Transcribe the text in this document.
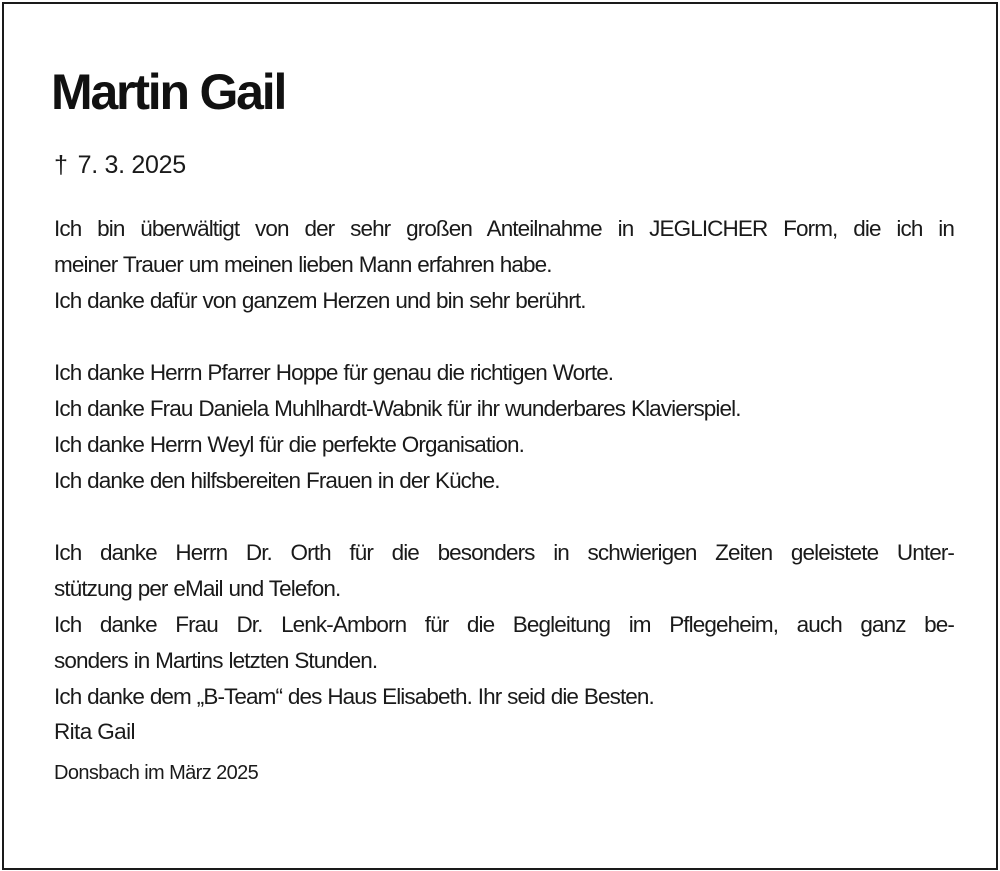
Martin Gail
† 7. 3. 2025

Ich bin überwältigt von der sehr großen Anteilnahme in JEGLICHER Form, die ich in

meiner Trauer um meinen lieben Mann erfahren habe.

Ich danke dafür von ganzem Herzen und bin sehr berührt.

Ich danke Herrn Pfarrer Hoppe für genau die richtigen Worte.

Ich danke Frau Daniela Muhlhardt-Wabnik für ihr wunderbares Klavierspiel.

Ich danke Herrn Weyl für die perfekte Organisation.

Ich danke den hilfsbereiten Frauen in der Küche.

Ich danke Herrn Dr. Orth für die besonders in schwierigen Zeiten geleistete Unter-

stützung per eMail und Telefon.

Ich danke Frau Dr. Lenk-Amborn für die Begleitung im Pflegeheim, auch ganz be-

sonders in Martins letzten Stunden.

Ich danke dem „B-Team“ des Haus Elisabeth. Ihr seid die Besten.

Rita Gail
Donsbach im März 2025
